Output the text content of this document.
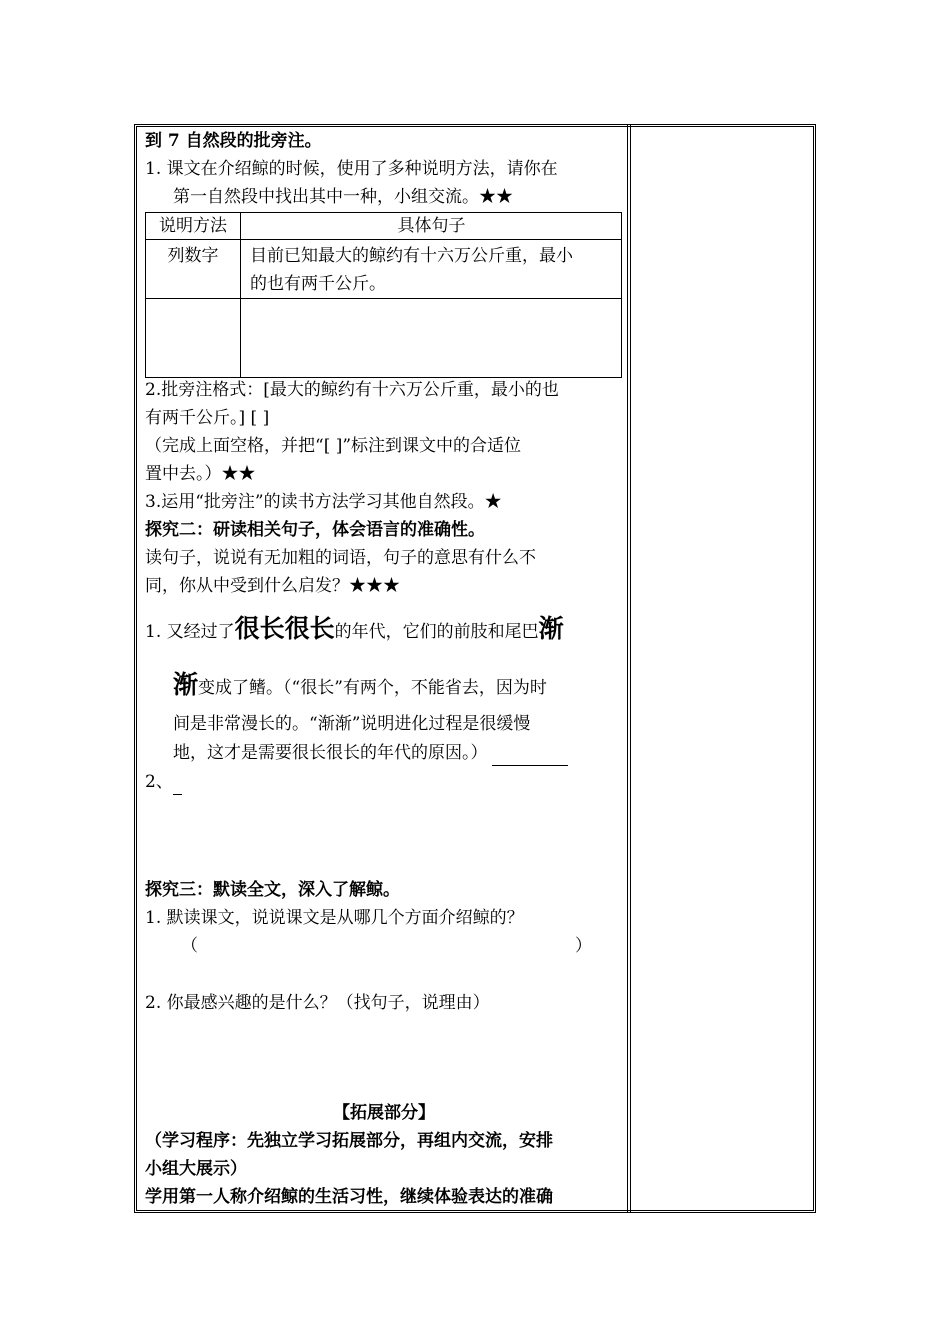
到 7 自然段的批旁注。
1. 课文在介绍鲸的时候，使用了多种说明方法，请你在
第一自然段中找出其中一种，小组交流。★★
说明方法	具体句子
列数字	目前已知最大的鲸约有十六万公斤重，最小
的也有两千公斤。
2.批旁注格式：[最大的鲸约有十六万公斤重，最小的也
有两千公斤。] [ ]
（完成上面空格，并把“[ ]”标注到课文中的合适位
置中去。）★★
3.运用“批旁注”的读书方法学习其他自然段。★
探究二：研读相关句子，体会语言的准确性。
读句子，说说有无加粗的词语，句子的意思有什么不
同，你从中受到什么启发？★★★
1. 又经过了很长很长的年代，它们的前肢和尾巴渐
渐变成了鳍。（“很长”有两个，不能省去，因为时
间是非常漫长的。“渐渐”说明进化过程是很缓慢
地，这才是需要很长很长的年代的原因。）
2、
探究三：默读全文，深入了解鲸。
1. 默读课文，说说课文是从哪几个方面介绍鲸的？
（	）
2. 你最感兴趣的是什么？（找句子，说理由）
【拓展部分】
（学习程序：先独立学习拓展部分，再组内交流，安排
小组大展示）
学用第一人称介绍鲸的生活习性，继续体验表达的准确
